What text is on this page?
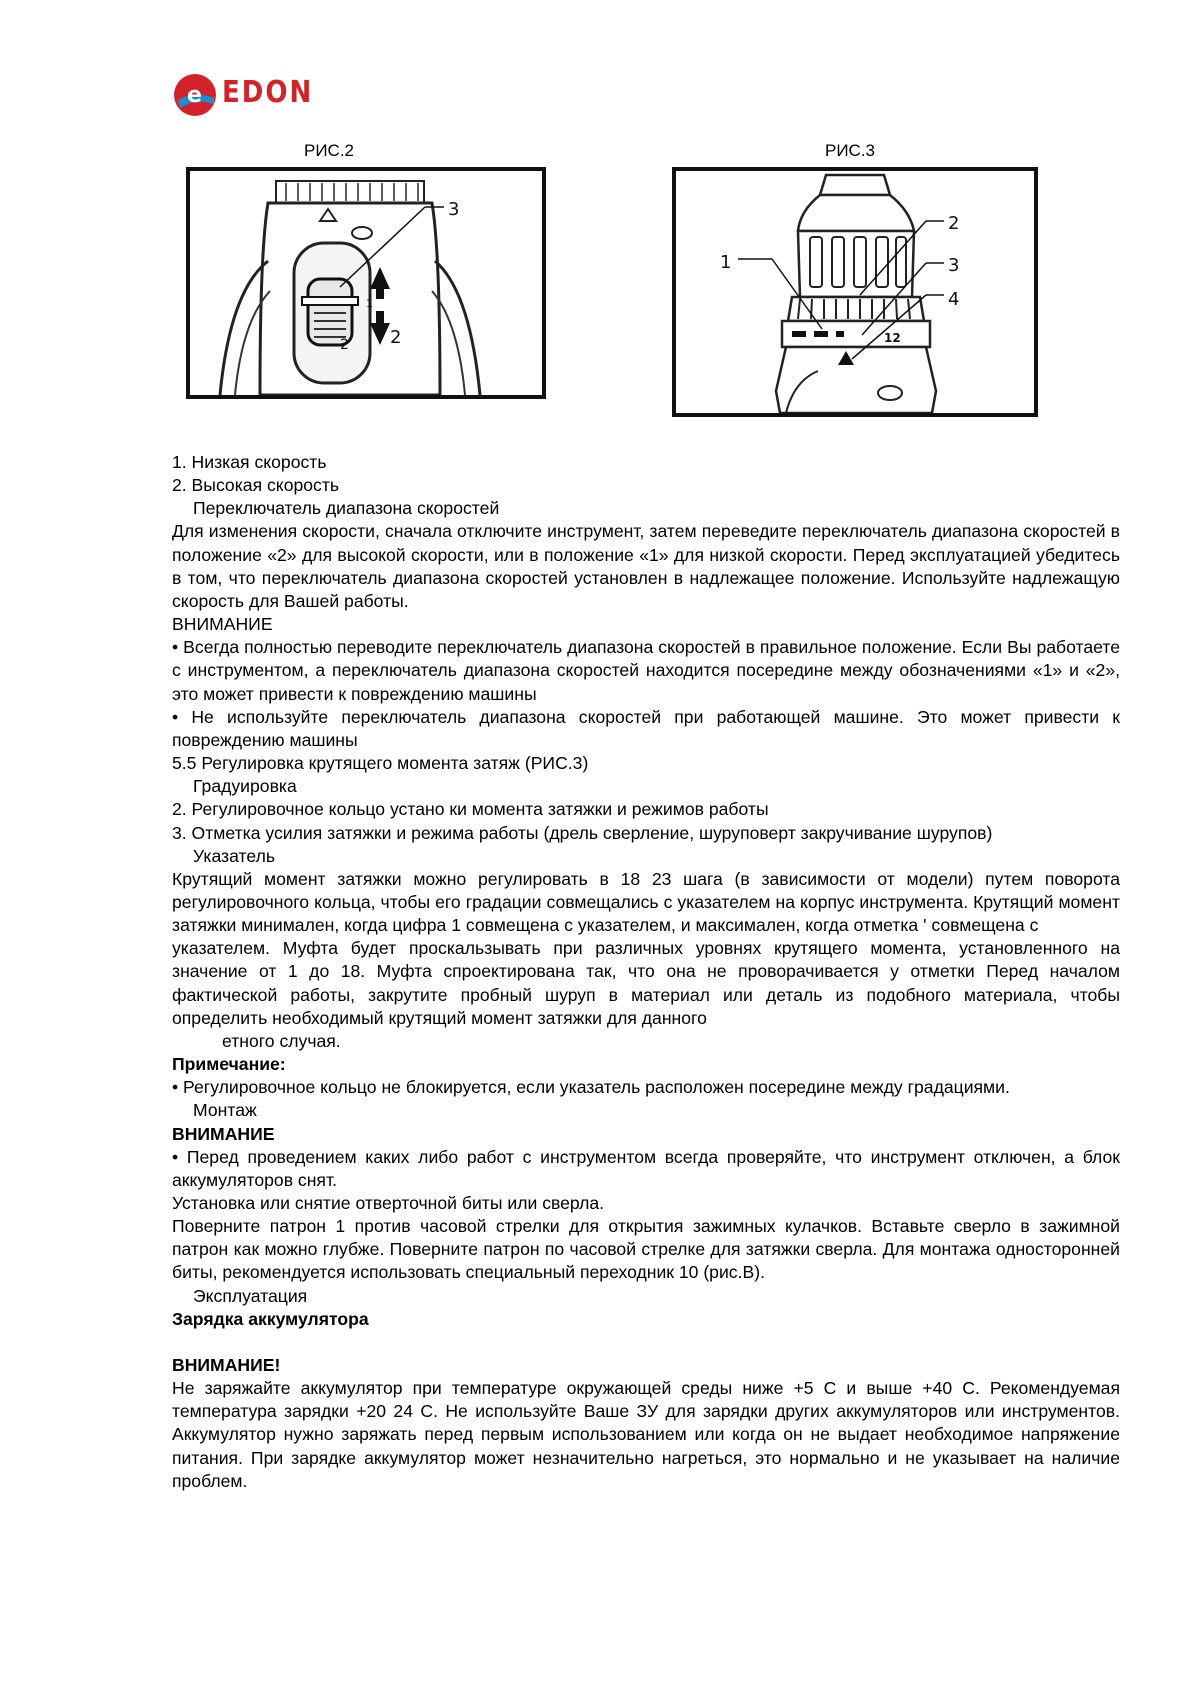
e EDON
РИС.2	РИС.3
1
3
2
2	12
1
2
3
4

1. Низкая скорость

2. Высокая скорость

Переключатель диапазона скоростей

Для изменения скорости, сначала отключите инструмент, затем переведите переключатель диапазона скоростей в положение «2» для высокой скорости, или в положение «1» для низкой скорости. Перед эксплуатацией убедитесь в том, что переключатель диапазона скоростей установлен в надлежащее положение. Используйте надлежащую скорость для Вашей работы.

ВНИМАНИЕ

• Всегда полностью переводите переключатель диапазона скоростей в правильное положение. Если Вы работаете с инструментом, а переключатель диапазона скоростей находится посередине между обозначениями «1» и «2», это может привести к повреждению машины

• Не используйте переключатель диапазона скоростей при работающей машине. Это может привести к повреждению машины

5.5 Регулировка крутящего момента затяж (РИС.3)

Градуировка

2. Регулировочное кольцо устано ки момента затяжки и режимов работы

3. Отметка усилия затяжки и режима работы (дрель сверление, шуруповерт закручивание шурупов)

Указатель

Крутящий момент затяжки можно регулировать в 18 23 шага (в зависимости от модели) путем поворота регулировочного кольца, чтобы его градации совмещались с указателем на корпус инструмента. Крутящий момент затяжки минимален, когда цифра 1 совмещена с указателем, и максимален, когда отметка ' совмещена с

указателем. Муфта будет проскальзывать при различных уровнях крутящего момента, установленного на значение от 1 до 18. Муфта спроектирована так, что она не проворачивается у отметки Перед началом фактической работы, закрутите пробный шуруп в материал или деталь из подобного материала, чтобы определить необходимый крутящий момент затяжки для данного

етного случая.

Примечание:

• Регулировочное кольцо не блокируется, если указатель расположен посередине между градациями.

Монтаж

ВНИМАНИЕ

• Перед проведением каких либо работ с инструментом всегда проверяйте, что инструмент отключен, а блок аккумуляторов снят.

Установка или снятие отверточной биты или сверла.

Поверните патрон 1 против часовой стрелки для открытия зажимных кулачков. Вставьте сверло в зажимной патрон как можно глубже. Поверните патрон по часовой стрелке для затяжки сверла. Для монтажа односторонней биты, рекомендуется использовать специальный переходник 10 (рис.В).

Эксплуатация

Зарядка аккумулятора

ВНИМАНИЕ!

Не заряжайте аккумулятор при температуре окружающей среды ниже +5 С и выше +40 С. Рекомендуемая температура зарядки +20 24 С. Не используйте Ваше ЗУ для зарядки других аккумуляторов или инструментов. Аккумулятор нужно заряжать перед первым использованием или когда он не выдает необходимое напряжение питания. При зарядке аккумулятор может незначительно нагреться, это нормально и не указывает на наличие проблем.
